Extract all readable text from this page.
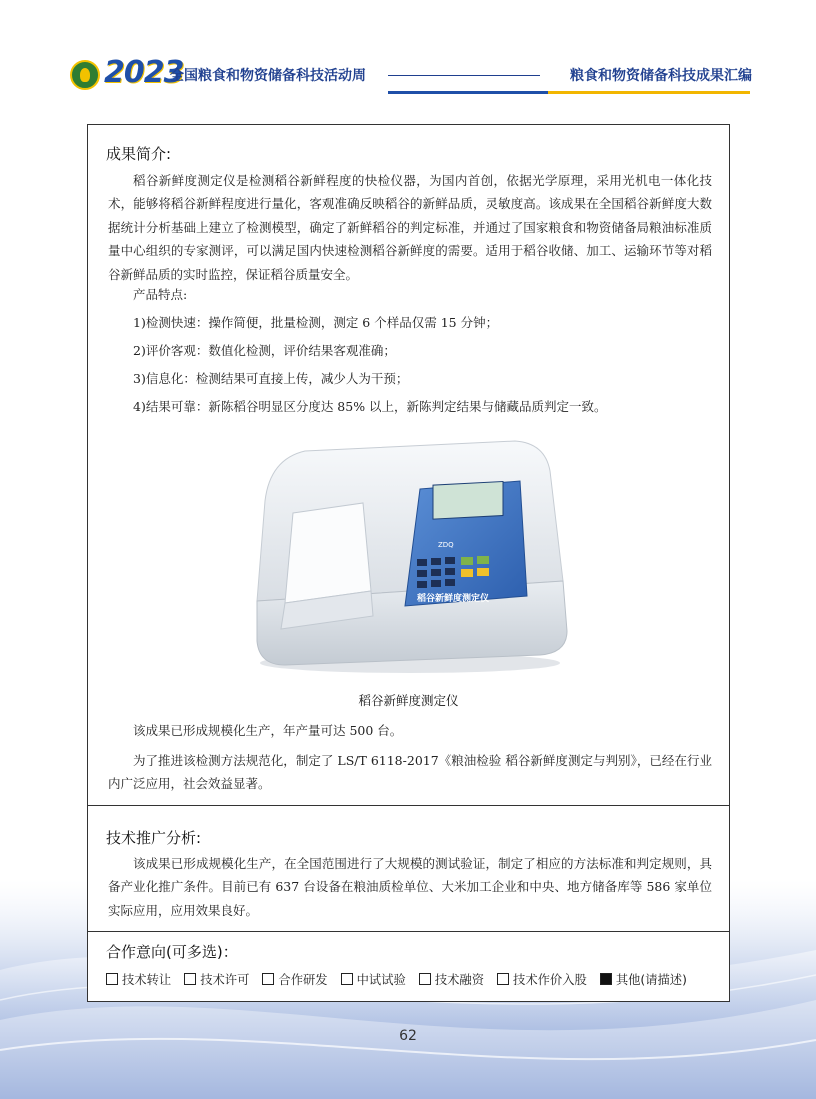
2023
全国粮食和物资储备科技活动周	粮食和物资储备科技成果汇编
成果简介:
稻谷新鲜度测定仪是检测稻谷新鲜程度的快检仪器，为国内首创，依据光学原理，采用光机电一体化技术，能够将稻谷新鲜程度进行量化，客观准确反映稻谷的新鲜品质，灵敏度高。该成果在全国稻谷新鲜度大数据统计分析基础上建立了检测模型，确定了新鲜稻谷的判定标准，并通过了国家粮食和物资储备局粮油标准质量中心组织的专家测评，可以满足国内快速检测稻谷新鲜度的需要。适用于稻谷收储、加工、运输环节等对稻谷新鲜品质的实时监控，保证稻谷质量安全。
产品特点:
1)检测快速：操作简便，批量检测，测定 6 个样品仅需 15 分钟；
2)评价客观：数值化检测，评价结果客观准确；
3)信息化：检测结果可直接上传，减少人为干预；
4)结果可靠：新陈稻谷明显区分度达 85% 以上，新陈判定结果与储藏品质判定一致。
ZDQ
稻谷新鲜度测定仪
稻谷新鲜度测定仪
该成果已形成规模化生产，年产量可达 500 台。
为了推进该检测方法规范化，制定了 LS/T 6118-2017《粮油检验 稻谷新鲜度测定与判别》，已经在行业内广泛应用，社会效益显著。
技术推广分析:
该成果已形成规模化生产，在全国范围进行了大规模的测试验证，制定了相应的方法标准和判定规则，具备产业化推广条件。目前已有 637 台设备在粮油质检单位、大米加工企业和中央、地方储备库等 586 家单位实际应用，应用效果良好。
合作意向(可多选)：
技术转让 技术许可 合作研发 中试试验 技术融资 技术作价入股 其他(请描述)
62
